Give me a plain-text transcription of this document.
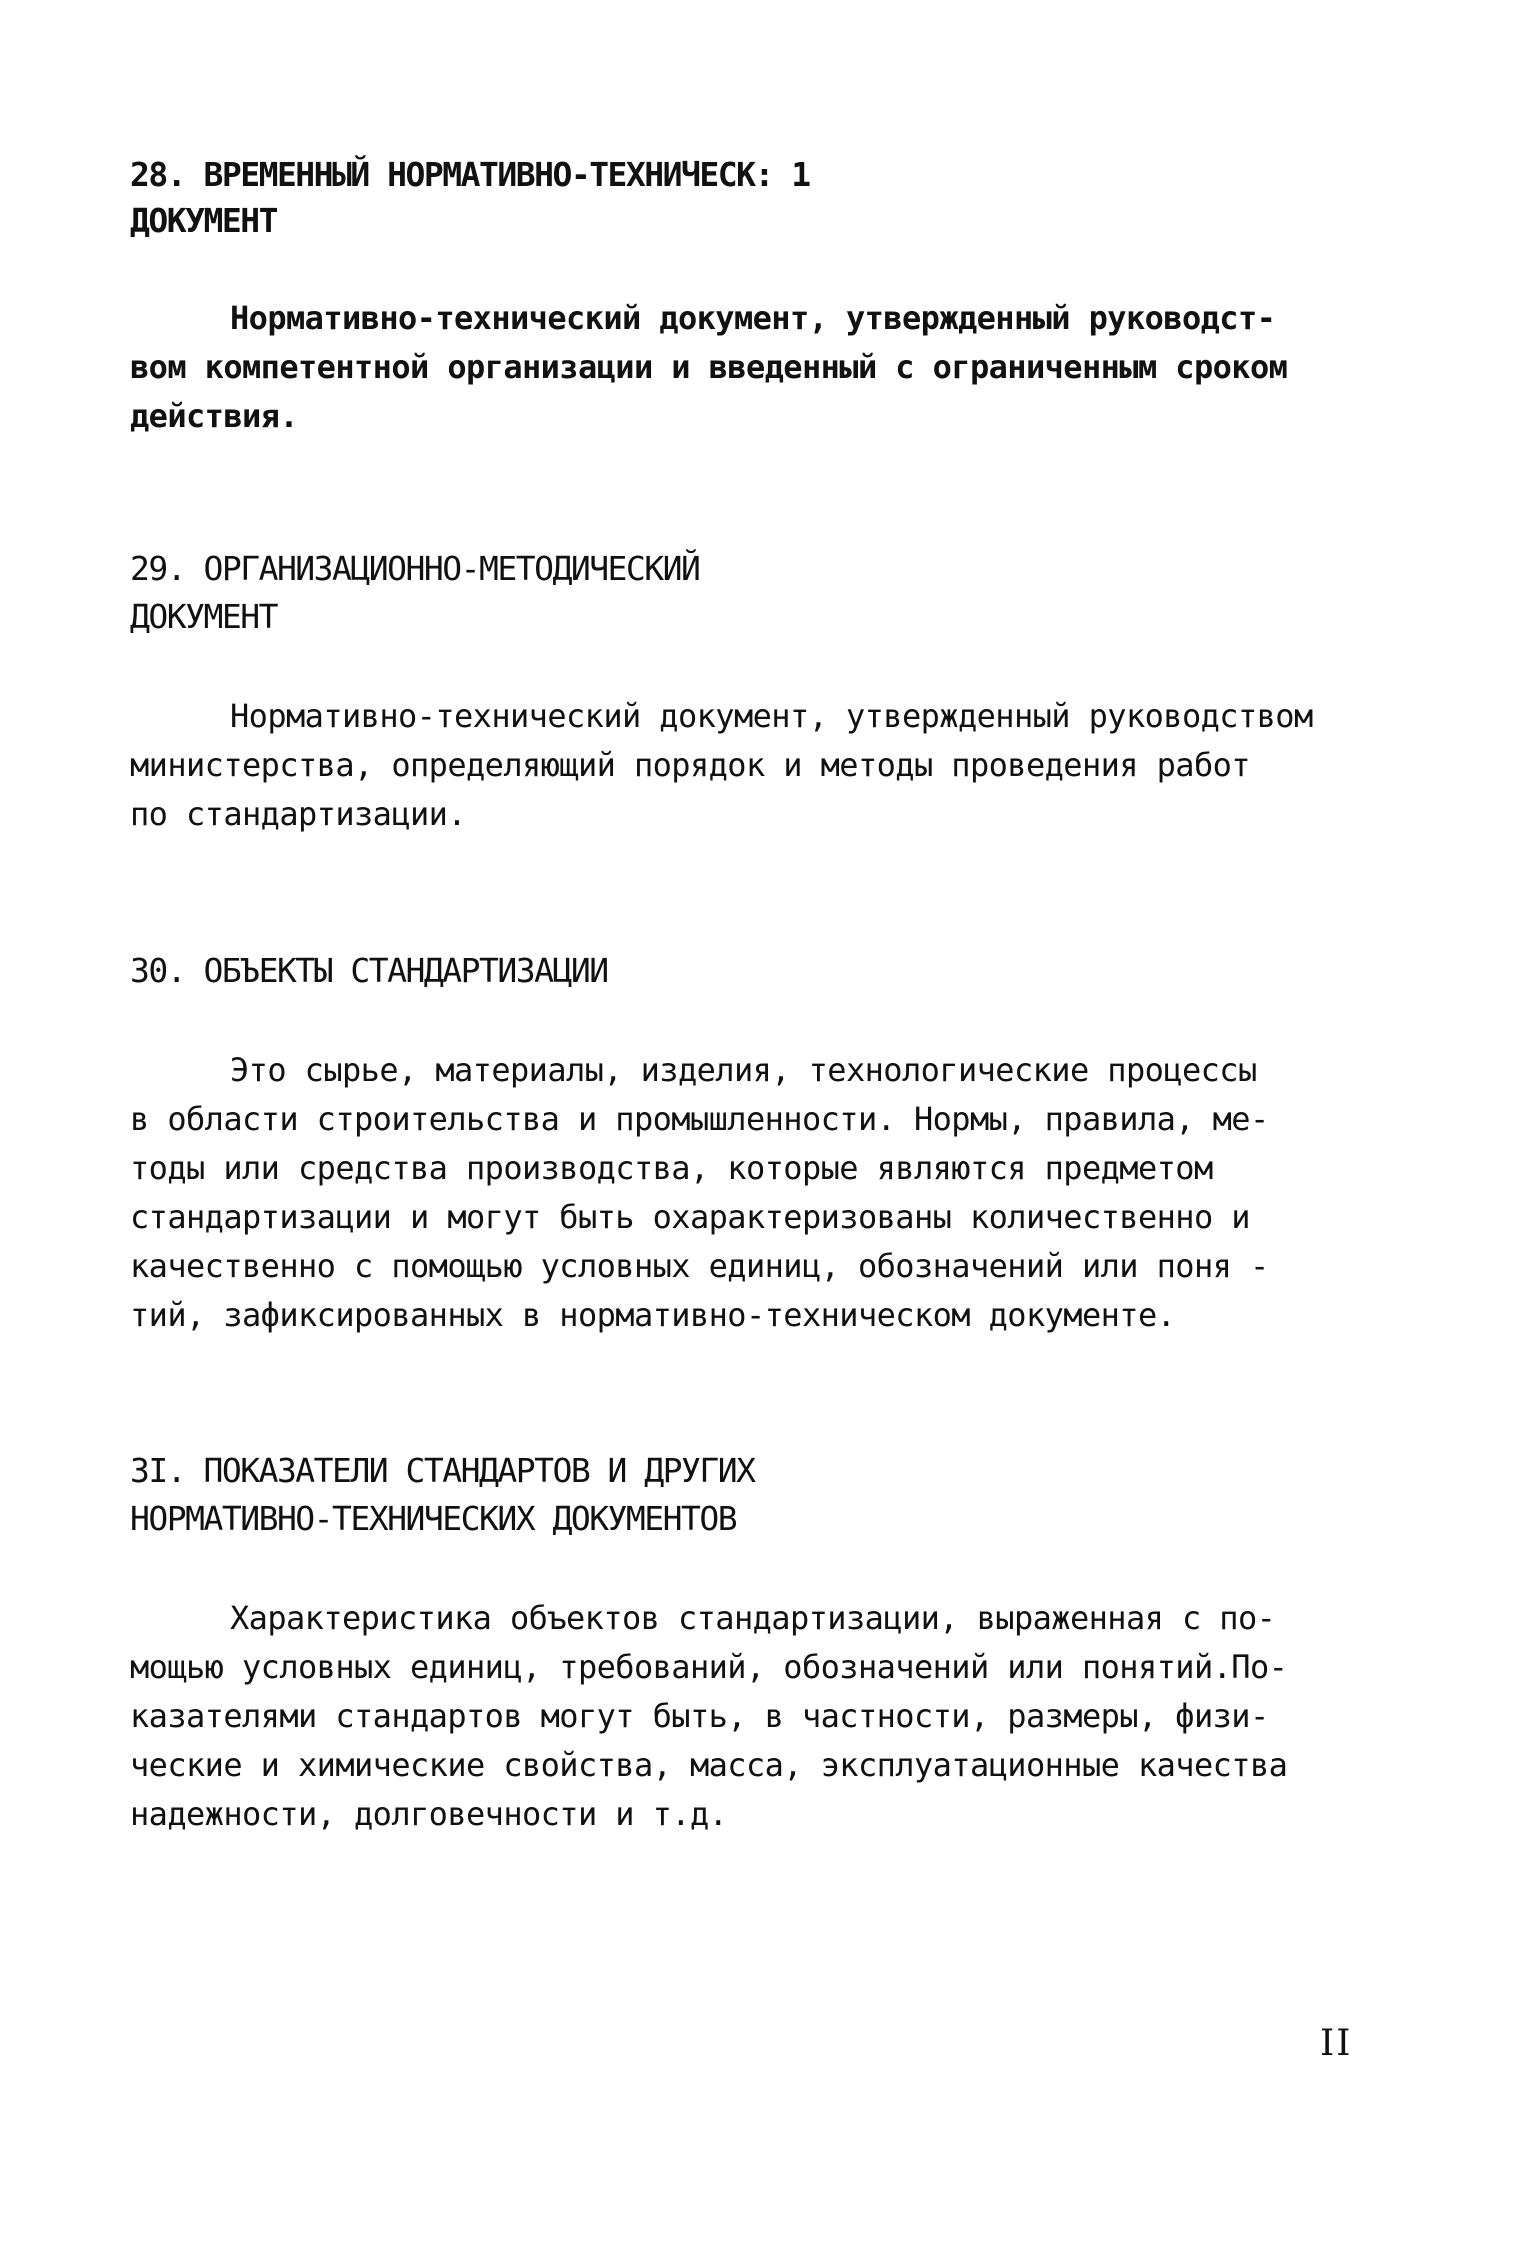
28. ВРЕМЕННЫЙ НОРМАТИВНО-ТЕХНИЧЕСК: 1
ДОКУМЕНТ

Нормативно-технический документ, утвержденный руководст-
вом компетентной организации и введенный с ограниченным сроком
действия.

29. ОРГАНИЗАЦИОННО-МЕТОДИЧЕСКИЙ
ДОКУМЕНТ

Нормативно-технический документ, утвержденный руководством
министерства, определяющий порядок и методы проведения работ
по стандартизации.

30. ОБЪЕКТЫ СТАНДАРТИЗАЦИИ

Это сырье, материалы, изделия, технологические процессы
в области строительства и промышленности. Нормы, правила, ме-
тоды или средства производства, которые являются предметом
стандартизации и могут быть охарактеризованы количественно и
качественно с помощью условных единиц, обозначений или поня -
тий, зафиксированных в нормативно-техническом документе.

3I. ПОКАЗАТЕЛИ СТАНДАРТОВ И ДРУГИХ
НОРМАТИВНО-ТЕХНИЧЕСКИХ ДОКУМЕНТОВ

Характеристика объектов стандартизации, выраженная с по-
мощью условных единиц, требований, обозначений или понятий.По-
казателями стандартов могут быть, в частности, размеры, физи-
ческие и химические свойства, масса, эксплуатационные качества
надежности, долговечности и т.д.

II
